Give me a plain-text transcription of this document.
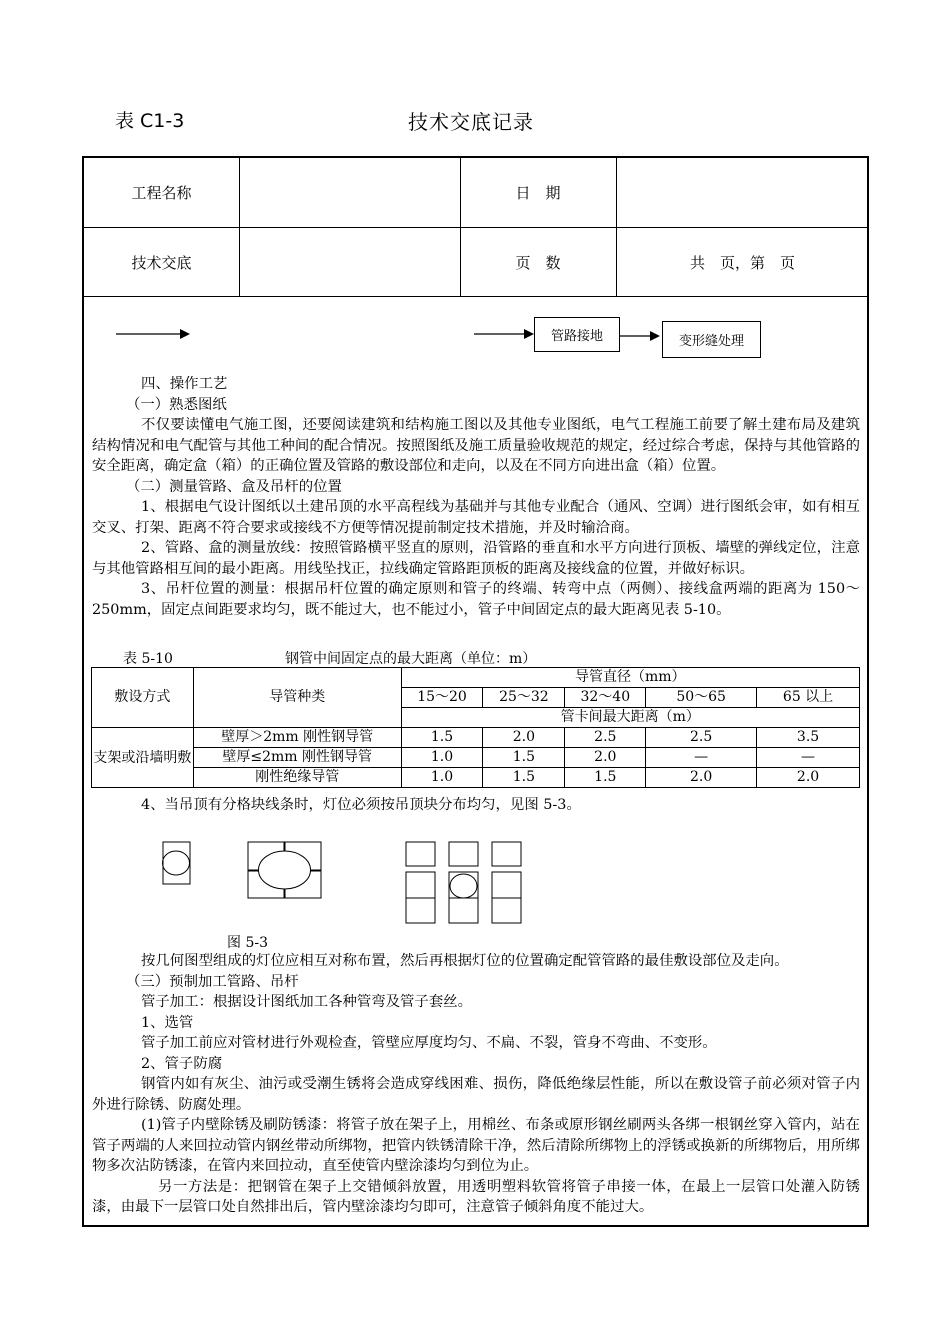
表 C1-3	技术交底记录
工程名称	日　期
技术交底	页　数	共　页，第　页
管路接地	变形缝处理

四、操作工艺

（一）熟悉图纸

不仅要读懂电气施工图，还要阅读建筑和结构施工图以及其他专业图纸，电气工程施工前要了解土建布局及建筑结构情况和电气配管与其他工种间的配合情况。按照图纸及施工质量验收规范的规定，经过综合考虑，保持与其他管路的安全距离，确定盒（箱）的正确位置及管路的敷设部位和走向，以及在不同方向进出盒（箱）位置。

（二）测量管路、盒及吊杆的位置

1、根据电气设计图纸以土建吊顶的水平高程线为基础并与其他专业配合（通风、空调）进行图纸会审，如有相互交叉、打架、距离不符合要求或接线不方便等情况提前制定技术措施，并及时输洽商。

2、管路、盒的测量放线：按照管路横平竖直的原则，沿管路的垂直和水平方向进行顶板、墙壁的弹线定位，注意与其他管路相互间的最小距离。用线坠找正，拉线确定管路距顶板的距离及接线盒的位置，并做好标识。

3、吊杆位置的测量：根据吊杆位置的确定原则和管子的终端、转弯中点（两侧）、接线盒两端的距离为 150～250mm，固定点间距要求均匀，既不能过大，也不能过小，管子中间固定点的最大距离见表 5-10。

表 5-10	钢管中间固定点的最大距离（单位：m）
敷设方式	导管种类	导管直径（mm）				
		15～20	25～32	32～40	50～65	65 以上
		管卡间最大距离（m）				
支架或沿墙明敷	壁厚＞2mm 刚性钢导管	1.5	2.0	2.5	2.5	3.5
	壁厚≤2mm 刚性钢导管	1.0	1.5	2.0	—	—
	刚性绝缘导管	1.0	1.5	1.5	2.0	2.0

4、当吊顶有分格块线条时，灯位必须按吊顶块分布均匀，见图 5-3。

图 5-3

按几何图型组成的灯位应相互对称布置，然后再根据灯位的位置确定配管管路的最佳敷设部位及走向。

（三）预制加工管路、吊杆

管子加工：根据设计图纸加工各种管弯及管子套丝。

1、选管

管子加工前应对管材进行外观检查，管壁应厚度均匀、不扁、不裂，管身不弯曲、不变形。

2、管子防腐

钢管内如有灰尘、油污或受潮生锈将会造成穿线困难、损伤，降低绝缘层性能，所以在敷设管子前必须对管子内外进行除锈、防腐处理。

(1)管子内壁除锈及刷防锈漆：将管子放在架子上，用棉丝、布条或原形钢丝刷两头各绑一根钢丝穿入管内，站在管子两端的人来回拉动管内钢丝带动所绑物，把管内铁锈清除干净，然后清除所绑物上的浮锈或换新的所绑物后，用所绑物多次沾防锈漆，在管内来回拉动，直至使管内壁涂漆均匀到位为止。

另一方法是：把钢管在架子上交错倾斜放置，用透明塑料软管将管子串接一体，在最上一层管口处灌入防锈漆，由最下一层管口处自然排出后，管内壁涂漆均匀即可，注意管子倾斜角度不能过大。
